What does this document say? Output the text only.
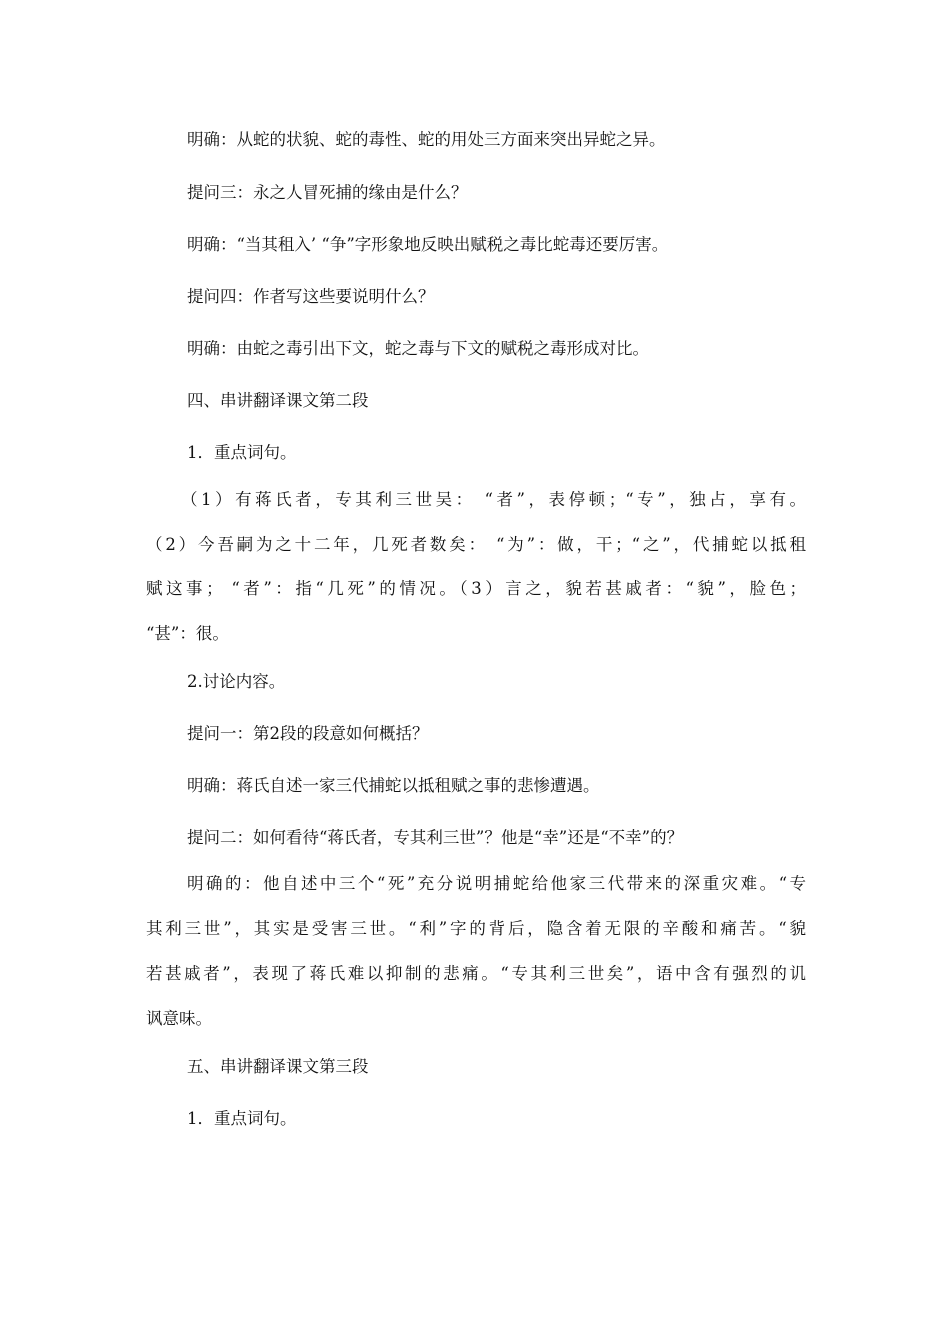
明确：从蛇的状貌、蛇的毒性、蛇的用处三方面来突出异蛇之异。

提问三：永之人冒死捕的缘由是什么？

明确：“当其租入’ “争”字形象地反映出赋税之毒比蛇毒还要厉害。

提问四：作者写这些要说明什么？

明确：由蛇之毒引出下文，蛇之毒与下文的赋税之毒形成对比。

四、串讲翻译课文第二段

1．重点词句。

（1）有蒋氏者，专其利三世吴： “者”，表停顿；“专”，独占，享有。

（2）今吾嗣为之十二年，几死者数矣： “为”：做，干；“之”，代捕蛇以抵租

赋这事； “者”：指“几死”的情况。（3）言之，貌若甚戚者：“貌”，脸色；

“甚”：很。

2.讨论内容。

提问一：第2段的段意如何概括？

明确：蒋氏自述一家三代捕蛇以抵租赋之事的悲惨遭遇。

提问二：如何看待“蒋氏者，专其利三世”？他是“幸”还是“不幸”的？

明确的：他自述中三个“死”充分说明捕蛇给他家三代带来的深重灾难。“专

其利三世”，其实是受害三世。“利”字的背后，隐含着无限的辛酸和痛苦。“貌

若甚戚者”，表现了蒋氏难以抑制的悲痛。“专其利三世矣”，语中含有强烈的讥

讽意味。

五、串讲翻译课文第三段

1．重点词句。
